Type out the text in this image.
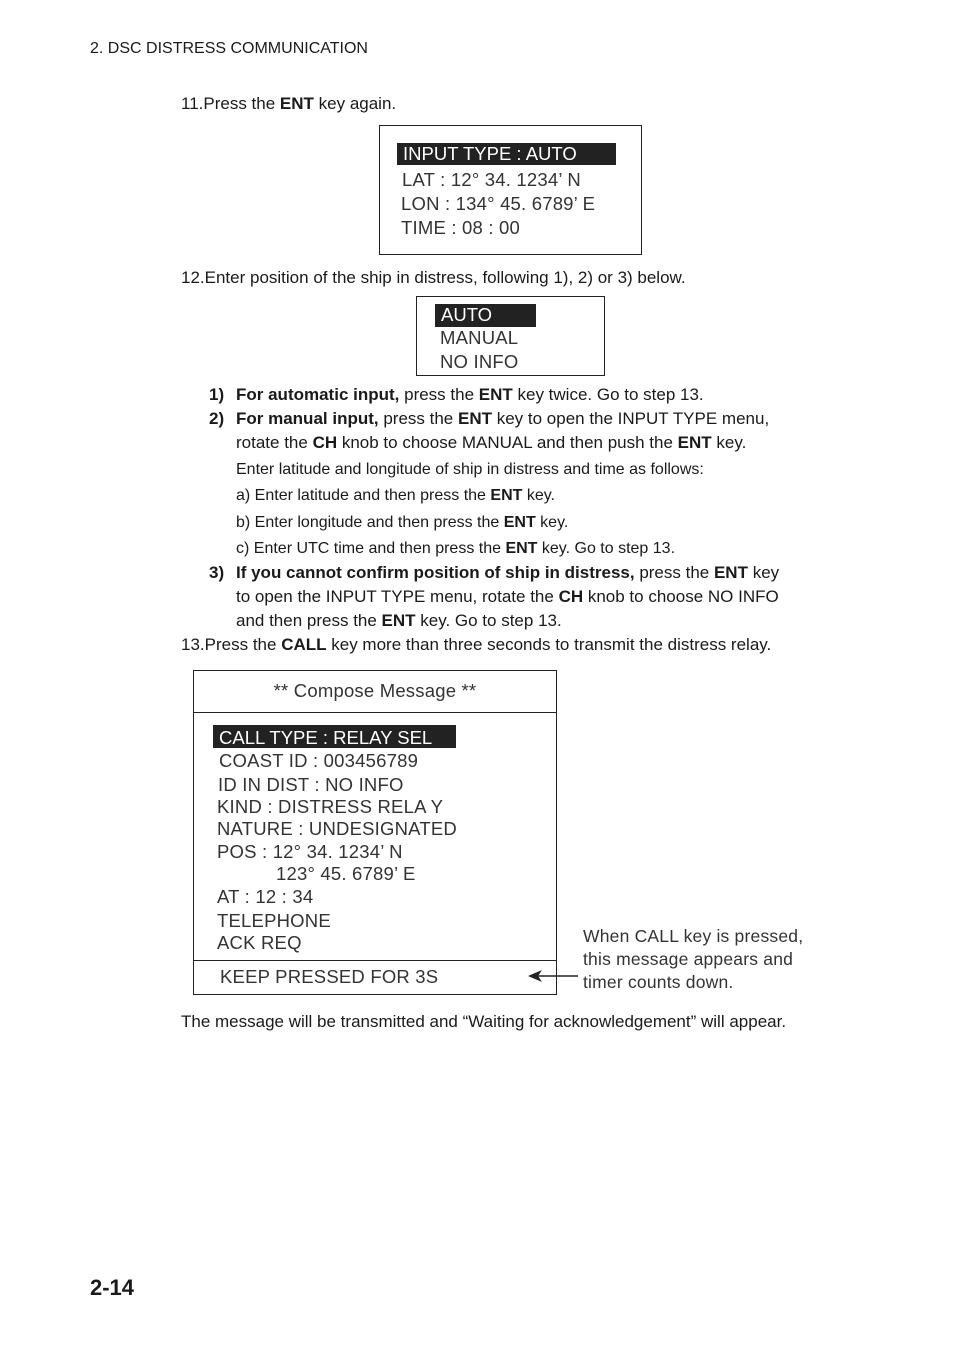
2. DSC DISTRESS COMMUNICATION
11.Press the ENT key again.
INPUT TYPE : AUTO
LAT : 12° 34. 1234’ N
LON : 134° 45. 6789’ E
TIME : 08 : 00
12.Enter position of the ship in distress, following 1), 2) or 3) below.
AUTO
MANUAL
NO INFO
1) For automatic input, press the ENT key twice. Go to step 13.
2) For manual input, press the ENT key to open the INPUT TYPE menu,
rotate the CH knob to choose MANUAL and then push the ENT key.
Enter latitude and longitude of ship in distress and time as follows:
a) Enter latitude and then press the ENT key.
b) Enter longitude and then press the ENT key.
c) Enter UTC time and then press the ENT key. Go to step 13.
3) If you cannot confirm position of ship in distress, press the ENT key
to open the INPUT TYPE menu, rotate the CH knob to choose NO INFO
and then press the ENT key. Go to step 13.
13.Press the CALL key more than three seconds to transmit the distress relay.
** Compose Message **
CALL TYPE : RELAY SEL
COAST ID : 003456789
ID IN DIST : NO INFO
KIND : DISTRESS RELA Y
NATURE : UNDESIGNATED
POS : 12° 34. 1234’ N
123° 45. 6789’ E
AT : 12 : 34
TELEPHONE
ACK REQ
KEEP PRESSED FOR 3S
When CALL key is pressed,
this message appears and
timer counts down.
The message will be transmitted and “Waiting for acknowledgement” will appear.
2-14
